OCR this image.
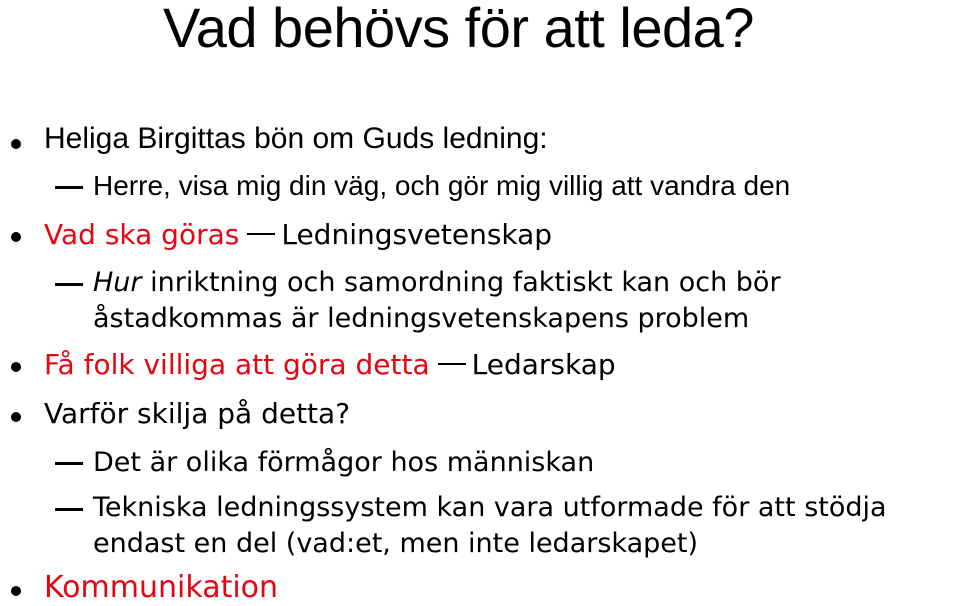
Vad behövs för att leda?
Heliga Birgittas bön om Guds ledning:
Herre, visa mig din väg, och gör mig villig att vandra den
Vad ska göras Ledningsvetenskap
Hur inriktning och samordning faktiskt kan och bör
åstadkommas är ledningsvetenskapens problem
Få folk villiga att göra detta Ledarskap
Varför skilja på detta?
Det är olika förmågor hos människan
Tekniska ledningssystem kan vara utformade för att stödja
endast en del (vad:et, men inte ledarskapet)
Kommunikation
